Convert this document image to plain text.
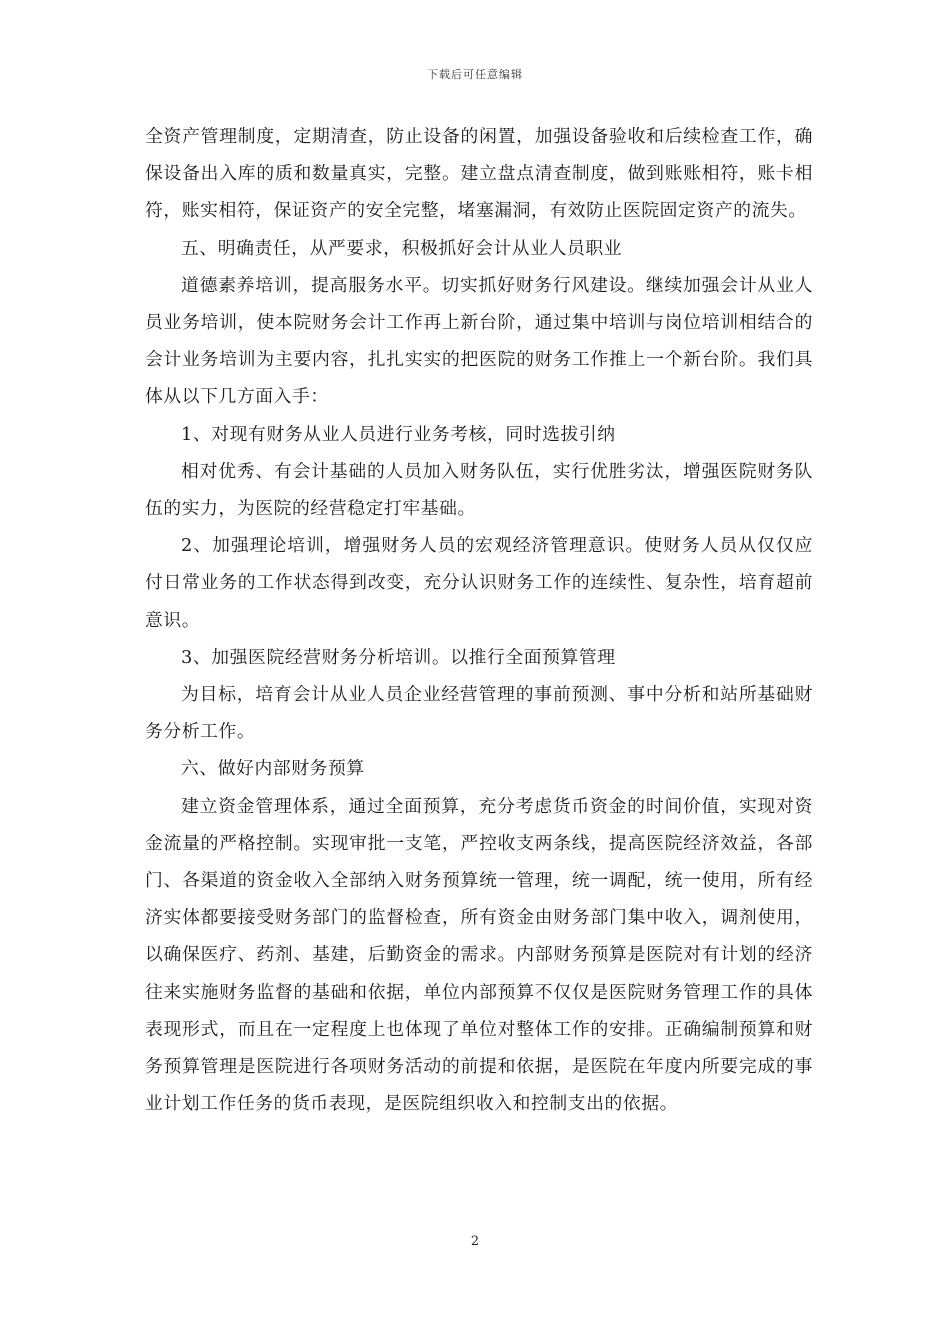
下载后可任意编辑

全资产管理制度，定期清查，防止设备的闲置，加强设备验收和后续检查工作，确保设备出入库的质和数量真实，完整。建立盘点清查制度，做到账账相符，账卡相符，账实相符，保证资产的安全完整，堵塞漏洞，有效防止医院固定资产的流失。

五、明确责任，从严要求，积极抓好会计从业人员职业

道德素养培训，提高服务水平。切实抓好财务行风建设。继续加强会计从业人员业务培训，使本院财务会计工作再上新台阶，通过集中培训与岗位培训相结合的会计业务培训为主要内容，扎扎实实的把医院的财务工作推上一个新台阶。我们具体从以下几方面入手：

1、对现有财务从业人员进行业务考核，同时选拔引纳

相对优秀、有会计基础的人员加入财务队伍，实行优胜劣汰，增强医院财务队伍的实力，为医院的经营稳定打牢基础。

2、加强理论培训，增强财务人员的宏观经济管理意识。使财务人员从仅仅应付日常业务的工作状态得到改变，充分认识财务工作的连续性、复杂性，培育超前意识。

3、加强医院经营财务分析培训。以推行全面预算管理

为目标，培育会计从业人员企业经营管理的事前预测、事中分析和站所基础财务分析工作。

六、做好内部财务预算

建立资金管理体系，通过全面预算，充分考虑货币资金的时间价值，实现对资金流量的严格控制。实现审批一支笔，严控收支两条线，提高医院经济效益，各部门、各渠道的资金收入全部纳入财务预算统一管理，统一调配，统一使用，所有经济实体都要接受财务部门的监督检查，所有资金由财务部门集中收入，调剂使用，以确保医疗、药剂、基建，后勤资金的需求。内部财务预算是医院对有计划的经济往来实施财务监督的基础和依据，单位内部预算不仅仅是医院财务管理工作的具体表现形式，而且在一定程度上也体现了单位对整体工作的安排。正确编制预算和财务预算管理是医院进行各项财务活动的前提和依据，是医院在年度内所要完成的事业计划工作任务的货币表现，是医院组织收入和控制支出的依据。

2
